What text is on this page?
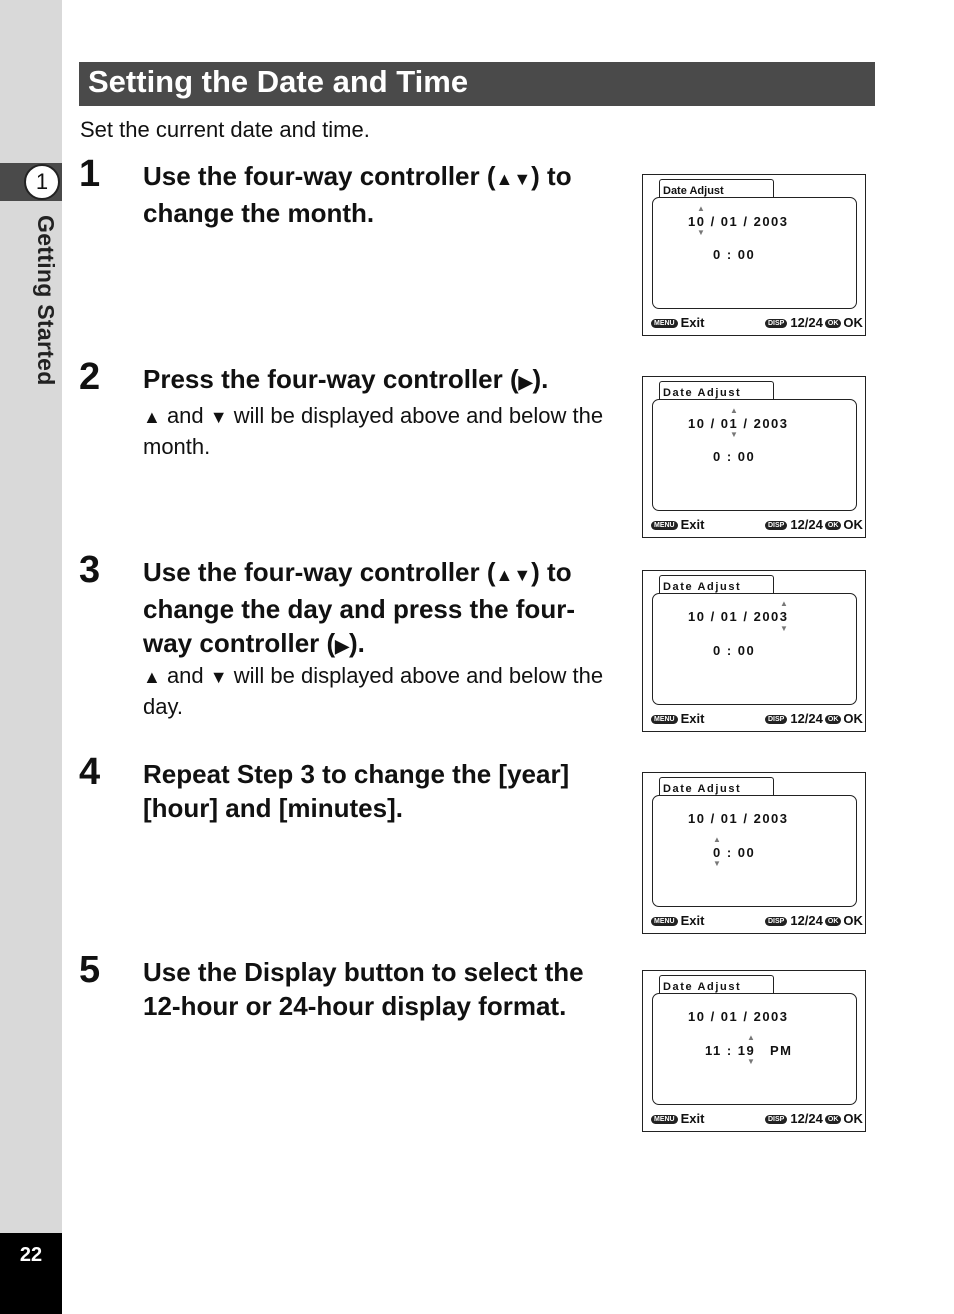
1
Getting Started
22
Setting the Date and Time
Set the current date and time.
1 Use the four-way controller (▲▼) to change the month.
2 Press the four-way controller (▶).
▲ and ▼ will be displayed above and below the month.
3 Use the four-way controller (▲▼) to change the day and press the four-way controller (▶).
▲ and ▼ will be displayed above and below the day.
4 Repeat Step 3 to change the [year] [hour] and [minutes].
5 Use the Display button to select the 12-hour or 24-hour display format.
Date Adjust
10 / 01 / 2003
0 : 00
▲
▼
MENU Exit	DISP 12/24 OK OK
Date Adjust
10 / 01 / 2003
0 : 00
▲
▼
MENU Exit	DISP 12/24 OK OK
Date Adjust
10 / 01 / 2003
0 : 00
▲
▼
MENU Exit	DISP 12/24 OK OK
Date Adjust
10 / 01 / 2003
0 : 00
▲
▼
MENU Exit	DISP 12/24 OK OK
Date Adjust
10 / 01 / 2003
11 : 19 PM
▲
▼
MENU Exit	DISP 12/24 OK OK
